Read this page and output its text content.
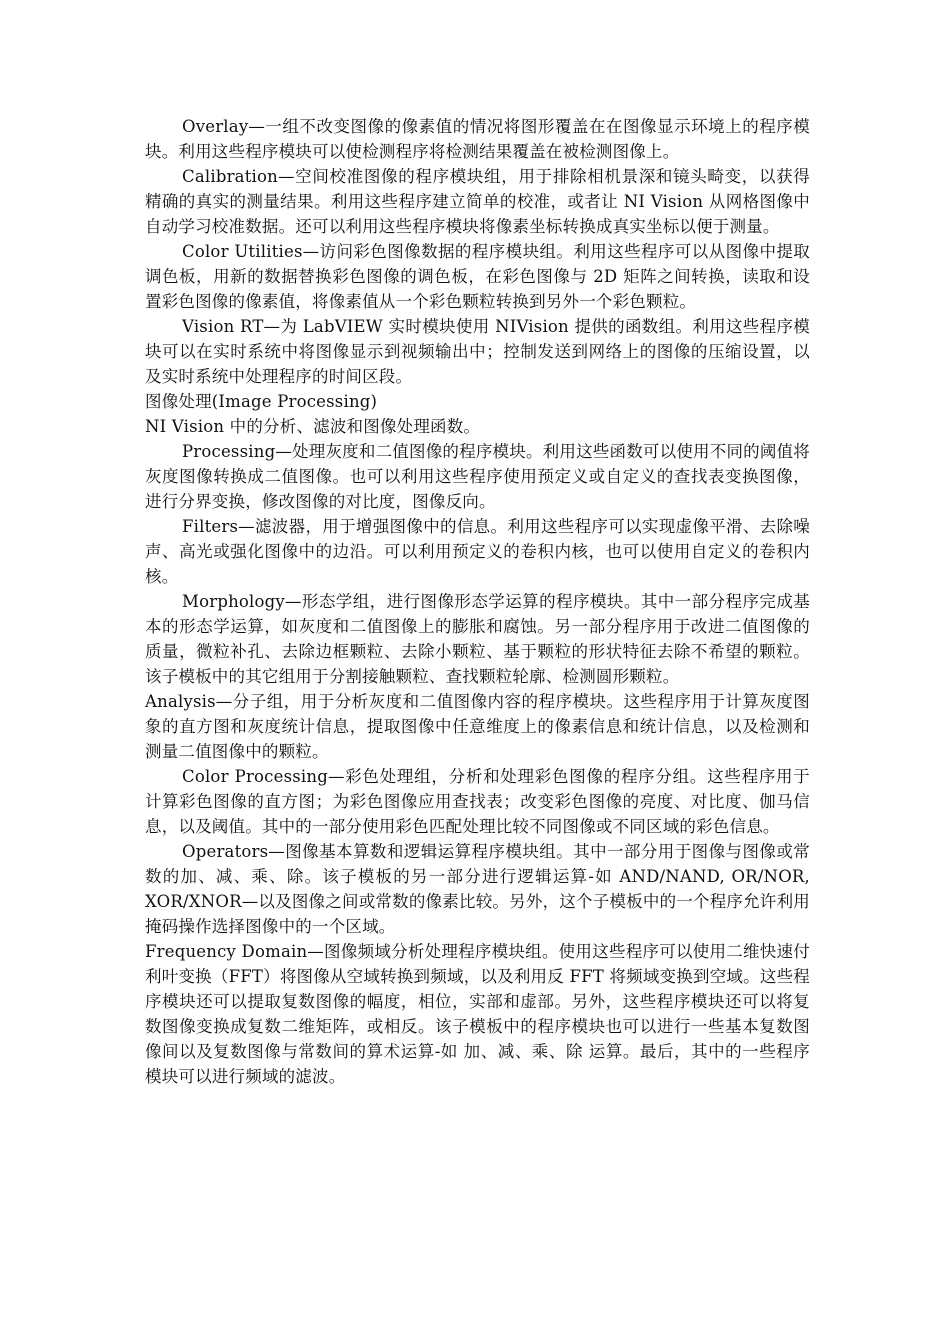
Overlay—一组不改变图像的像素值的情况将图形覆盖在在图像显示环境上的程序模块。利用这些程序模块可以使检测程序将检测结果覆盖在被检测图像上。

Calibration—空间校准图像的程序模块组，用于排除相机景深和镜头畸变，以获得精确的真实的测量结果。利用这些程序建立简单的校准，或者让 NI Vision 从网格图像中自动学习校准数据。还可以利用这些程序模块将像素坐标转换成真实坐标以便于测量。

Color Utilities—访问彩色图像数据的程序模块组。利用这些程序可以从图像中提取调色板，用新的数据替换彩色图像的调色板，在彩色图像与 2D 矩阵之间转换，读取和设置彩色图像的像素值，将像素值从一个彩色颗粒转换到另外一个彩色颗粒。

Vision RT—为 LabVIEW 实时模块使用 NIVision 提供的函数组。利用这些程序模块可以在实时系统中将图像显示到视频输出中；控制发送到网络上的图像的压缩设置，以及实时系统中处理程序的时间区段。

图像处理(Image Processing)

NI Vision 中的分析、滤波和图像处理函数。

Processing—处理灰度和二值图像的程序模块。利用这些函数可以使用不同的阈值将灰度图像转换成二值图像。也可以利用这些程序使用预定义或自定义的查找表变换图像，进行分界变换，修改图像的对比度，图像反向。

Filters—滤波器，用于增强图像中的信息。利用这些程序可以实现虚像平滑、去除噪声、高光或强化图像中的边沿。可以利用预定义的卷积内核，也可以使用自定义的卷积内核。

Morphology—形态学组，进行图像形态学运算的程序模块。其中一部分程序完成基本的形态学运算，如灰度和二值图像上的膨胀和腐蚀。另一部分程序用于改进二值图像的质量，微粒补孔、去除边框颗粒、去除小颗粒、基于颗粒的形状特征去除不希望的颗粒。该子模板中的其它组用于分割接触颗粒、查找颗粒轮廓、检测圆形颗粒。

Analysis—分子组，用于分析灰度和二值图像内容的程序模块。这些程序用于计算灰度图象的直方图和灰度统计信息，提取图像中任意维度上的像素信息和统计信息，以及检测和测量二值图像中的颗粒。

Color Processing—彩色处理组，分析和处理彩色图像的程序分组。这些程序用于计算彩色图像的直方图；为彩色图像应用查找表；改变彩色图像的亮度、对比度、伽马信息，以及阈值。其中的一部分使用彩色匹配处理比较不同图像或不同区域的彩色信息。

Operators—图像基本算数和逻辑运算程序模块组。其中一部分用于图像与图像或常数的加、减、乘、除。该子模板的另一部分进行逻辑运算-如 AND/NAND, OR/NOR, XOR/XNOR—以及图像之间或常数的像素比较。另外，这个子模板中的一个程序允许利用掩码操作选择图像中的一个区域。

Frequency Domain—图像频域分析处理程序模块组。使用这些程序可以使用二维快速付利叶变换（FFT）将图像从空域转换到频域，以及利用反 FFT 将频域变换到空域。这些程序模块还可以提取复数图像的幅度，相位，实部和虚部。另外，这些程序模块还可以将复数图像变换成复数二维矩阵，或相反。该子模板中的程序模块也可以进行一些基本复数图像间以及复数图像与常数间的算术运算-如 加、减、乘、除 运算。最后，其中的一些程序模块可以进行频域的滤波。
